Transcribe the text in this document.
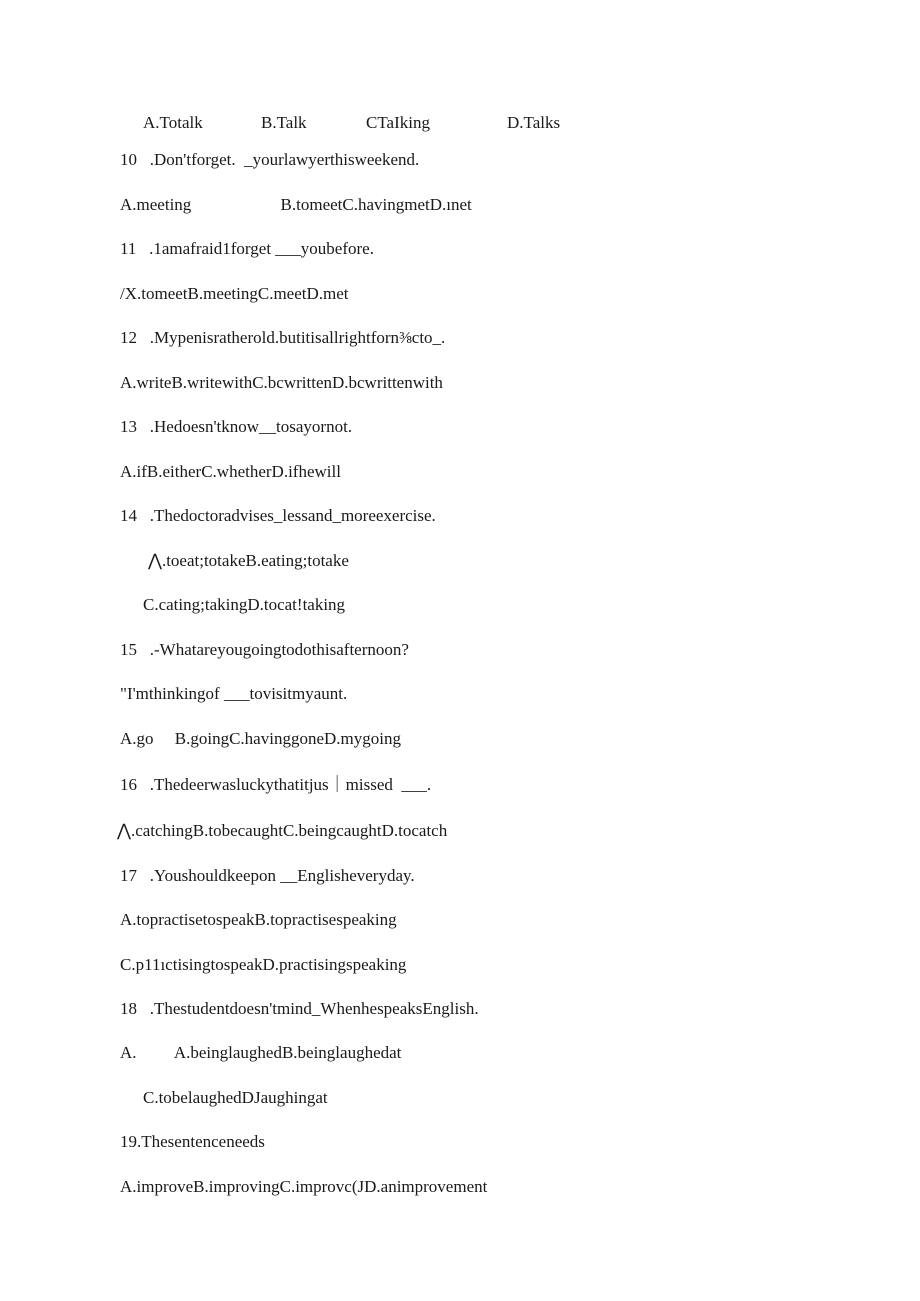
A.Totalk	B.Talk	CTaIking	D.Talks
10   .Don'tforget.  _yourlawyerthisweekend.
A.meeting                     B.tomeetC.havingmetD.ınet
11   .1amafraid1forget ___youbefore.
/X.tomeetB.meetingC.meetD.met
12   .Mypenisratherold.butitisallrightforn⅜cto_.
A.writeB.writewithC.bcwrittenD.bcwrittenwith
13   .Hedoesn'tknow__tosayornot.
A.ifB.eitherC.whetherD.ifhewill
14   .Thedoctoradvises_lessand_moreexercise.
⋀.toeat;totakeB.eating;totake
C.cating;takingD.tocat!taking
15   .-Whatareyougoingtodothisafternoon?
"I'mthinkingof ___tovisitmyaunt.
A.go     B.goingC.havinggoneD.mygoing
16   .Thedeerwasluckythatitjus｜missed  ___.
⋀.catchingB.tobecaughtC.beingcaughtD.tocatch
17   .Youshouldkeepon __Englisheveryday.
A.topractisetospeakB.topractisespeaking
C.p11ıctisingtospeakD.practisingspeaking
18   .Thestudentdoesn'tmind_WhenhespeaksEnglish.
A.         A.beinglaughedB.beinglaughedat
C.tobelaughedDJaughingat
19.Thesentenceneeds
A.improveB.improvingC.improvc(JD.animprovement
